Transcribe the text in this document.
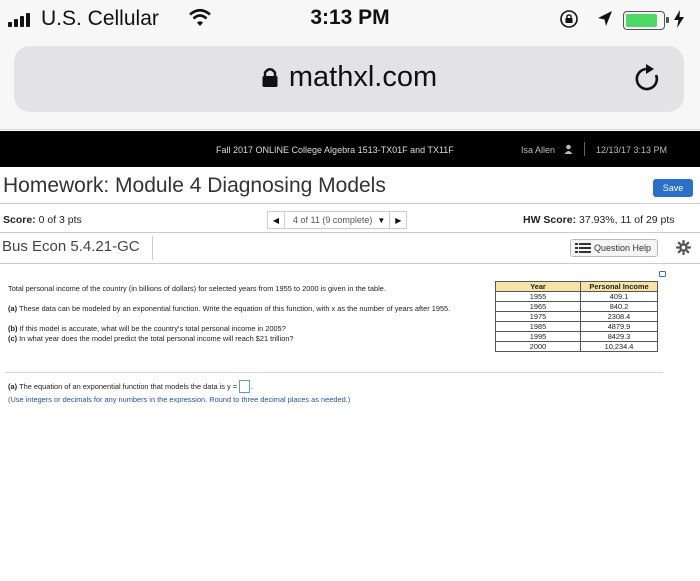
U.S. Cellular	3:13 PM
mathxl.com
Fall 2017 ONLINE College Algebra 1513-TX01F and TX11F	Isa Allen	12/13/17 3:13 PM
Homework: Module 4 Diagnosing Models	Save
Score: 0 of 3 pts	◀	4 of 11 (9 complete) ▼	▶	HW Score: 37.93%, 11 of 29 pts
Bus Econ 5.4.21-GC	Question Help
Total personal income of the country (in billions of dollars) for selected years from 1955 to 2000 is given in the table.
(a) These data can be modeled by an exponential function. Write the equation of this function, with x as the number of years after 1955.
(b) If this model is accurate, what will be the country's total personal income in 2005?
(c) In what year does the model predict the total personal income will reach $21 trillion?
Year	Personal Income
1955	409.1
1965	840.2
1975	2308.4
1985	4879.9
1995	8429.3
2000	10,234.4
(a)
The equation of an exponential function that models the data is y = .
(Use integers or decimals for any numbers in the expression. Round to three decimal places as needed.)
